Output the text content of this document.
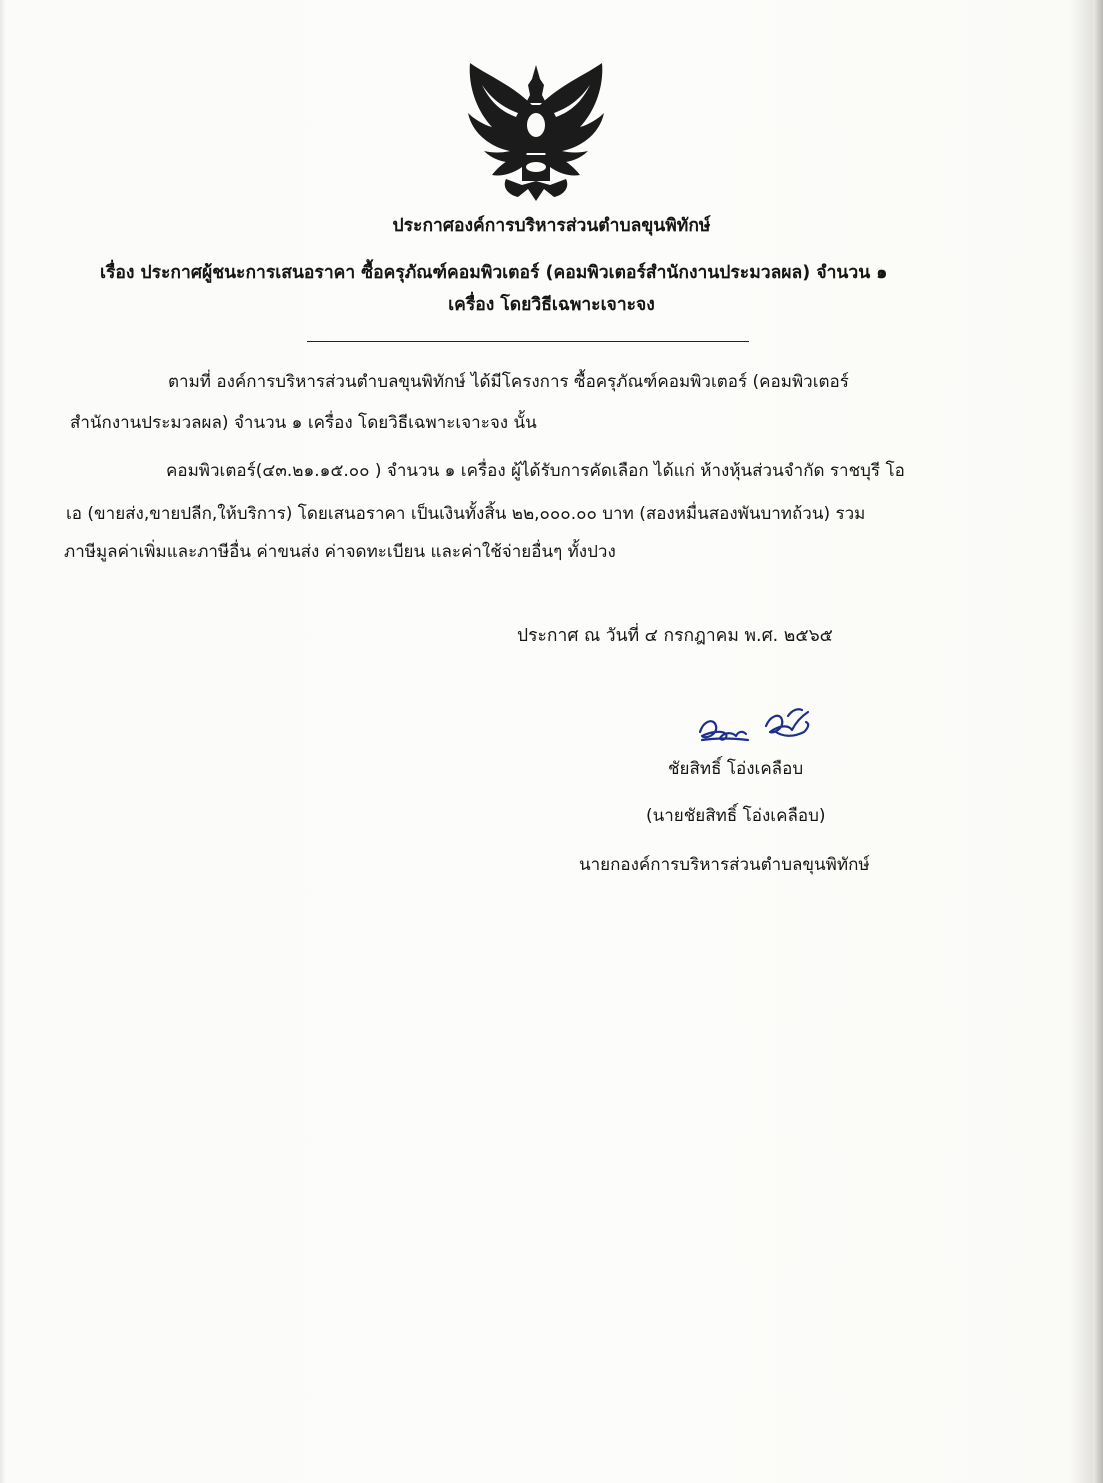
ประกาศองค์การบริหารส่วนตำบลขุนพิทักษ์
เรื่อง ประกาศผู้ชนะการเสนอราคา ซื้อครุภัณฑ์คอมพิวเตอร์ (คอมพิวเตอร์สำนักงานประมวลผล) จำนวน ๑
เครื่อง โดยวิธีเฉพาะเจาะจง
ตามที่ องค์การบริหารส่วนตำบลขุนพิทักษ์ ได้มีโครงการ ซื้อครุภัณฑ์คอมพิวเตอร์ (คอมพิวเตอร์
สำนักงานประมวลผล) จำนวน ๑ เครื่อง โดยวิธีเฉพาะเจาะจง นั้น
คอมพิวเตอร์(๔๓.๒๑.๑๕.๐๐ ) จำนวน ๑ เครื่อง ผู้ได้รับการคัดเลือก ได้แก่ ห้างหุ้นส่วนจำกัด ราชบุรี โอ
เอ (ขายส่ง,ขายปลีก,ให้บริการ) โดยเสนอราคา เป็นเงินทั้งสิ้น ๒๒,๐๐๐.๐๐ บาท (สองหมื่นสองพันบาทถ้วน) รวม
ภาษีมูลค่าเพิ่มและภาษีอื่น ค่าขนส่ง ค่าจดทะเบียน และค่าใช้จ่ายอื่นๆ ทั้งปวง
ประกาศ ณ วันที่ ๔ กรกฎาคม พ.ศ. ๒๕๖๕
ชัยสิทธิ์ โอ่งเคลือบ
(นายชัยสิทธิ์ โอ่งเคลือบ)
นายกองค์การบริหารส่วนตำบลขุนพิทักษ์
